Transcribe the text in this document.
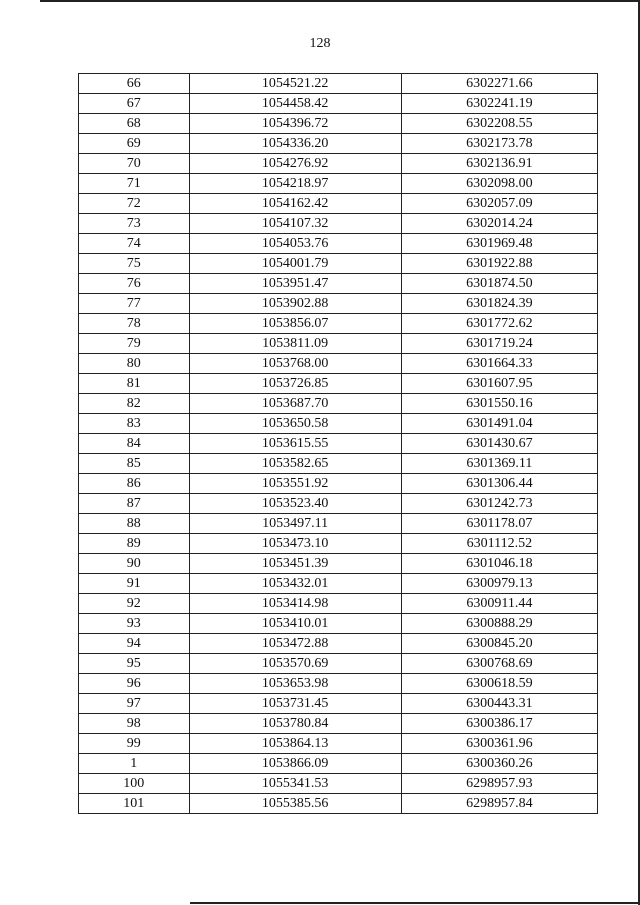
128
66	1054521.22	6302271.66
67	1054458.42	6302241.19
68	1054396.72	6302208.55
69	1054336.20	6302173.78
70	1054276.92	6302136.91
71	1054218.97	6302098.00
72	1054162.42	6302057.09
73	1054107.32	6302014.24
74	1054053.76	6301969.48
75	1054001.79	6301922.88
76	1053951.47	6301874.50
77	1053902.88	6301824.39
78	1053856.07	6301772.62
79	1053811.09	6301719.24
80	1053768.00	6301664.33
81	1053726.85	6301607.95
82	1053687.70	6301550.16
83	1053650.58	6301491.04
84	1053615.55	6301430.67
85	1053582.65	6301369.11
86	1053551.92	6301306.44
87	1053523.40	6301242.73
88	1053497.11	6301178.07
89	1053473.10	6301112.52
90	1053451.39	6301046.18
91	1053432.01	6300979.13
92	1053414.98	6300911.44
93	1053410.01	6300888.29
94	1053472.88	6300845.20
95	1053570.69	6300768.69
96	1053653.98	6300618.59
97	1053731.45	6300443.31
98	1053780.84	6300386.17
99	1053864.13	6300361.96
1	1053866.09	6300360.26
100	1055341.53	6298957.93
101	1055385.56	6298957.84
